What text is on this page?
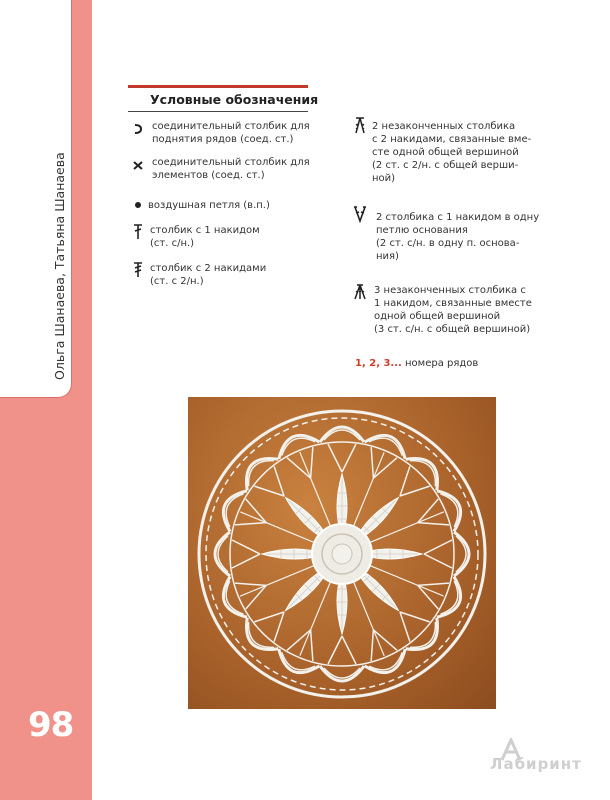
Ольга Шанаева, Татьяна Шанаева
98
Условные обозначения
соединительный столбик для
поднятия рядов (соед. ст.)
соединительный столбик для
элементов (соед. ст.)
воздушная петля (в.п.)
столбик с 1 накидом
(ст. с/н.)
столбик с 2 накидами
(ст. с 2/н.)
2 незаконченных столбика
с 2 накидами, связанные вме-
сте одной общей вершиной
(2 ст. с 2/н. с общей верши-
ной)
2 столбика с 1 накидом в одну
петлю основания
(2 ст. с/н. в одну п. основа-
ния)
3 незаконченных столбика с
1 накидом, связанные вместе
одной общей вершиной
(3 ст. с/н. с общей вершиной)
1, 2, 3... номера рядов
Лабиринт
